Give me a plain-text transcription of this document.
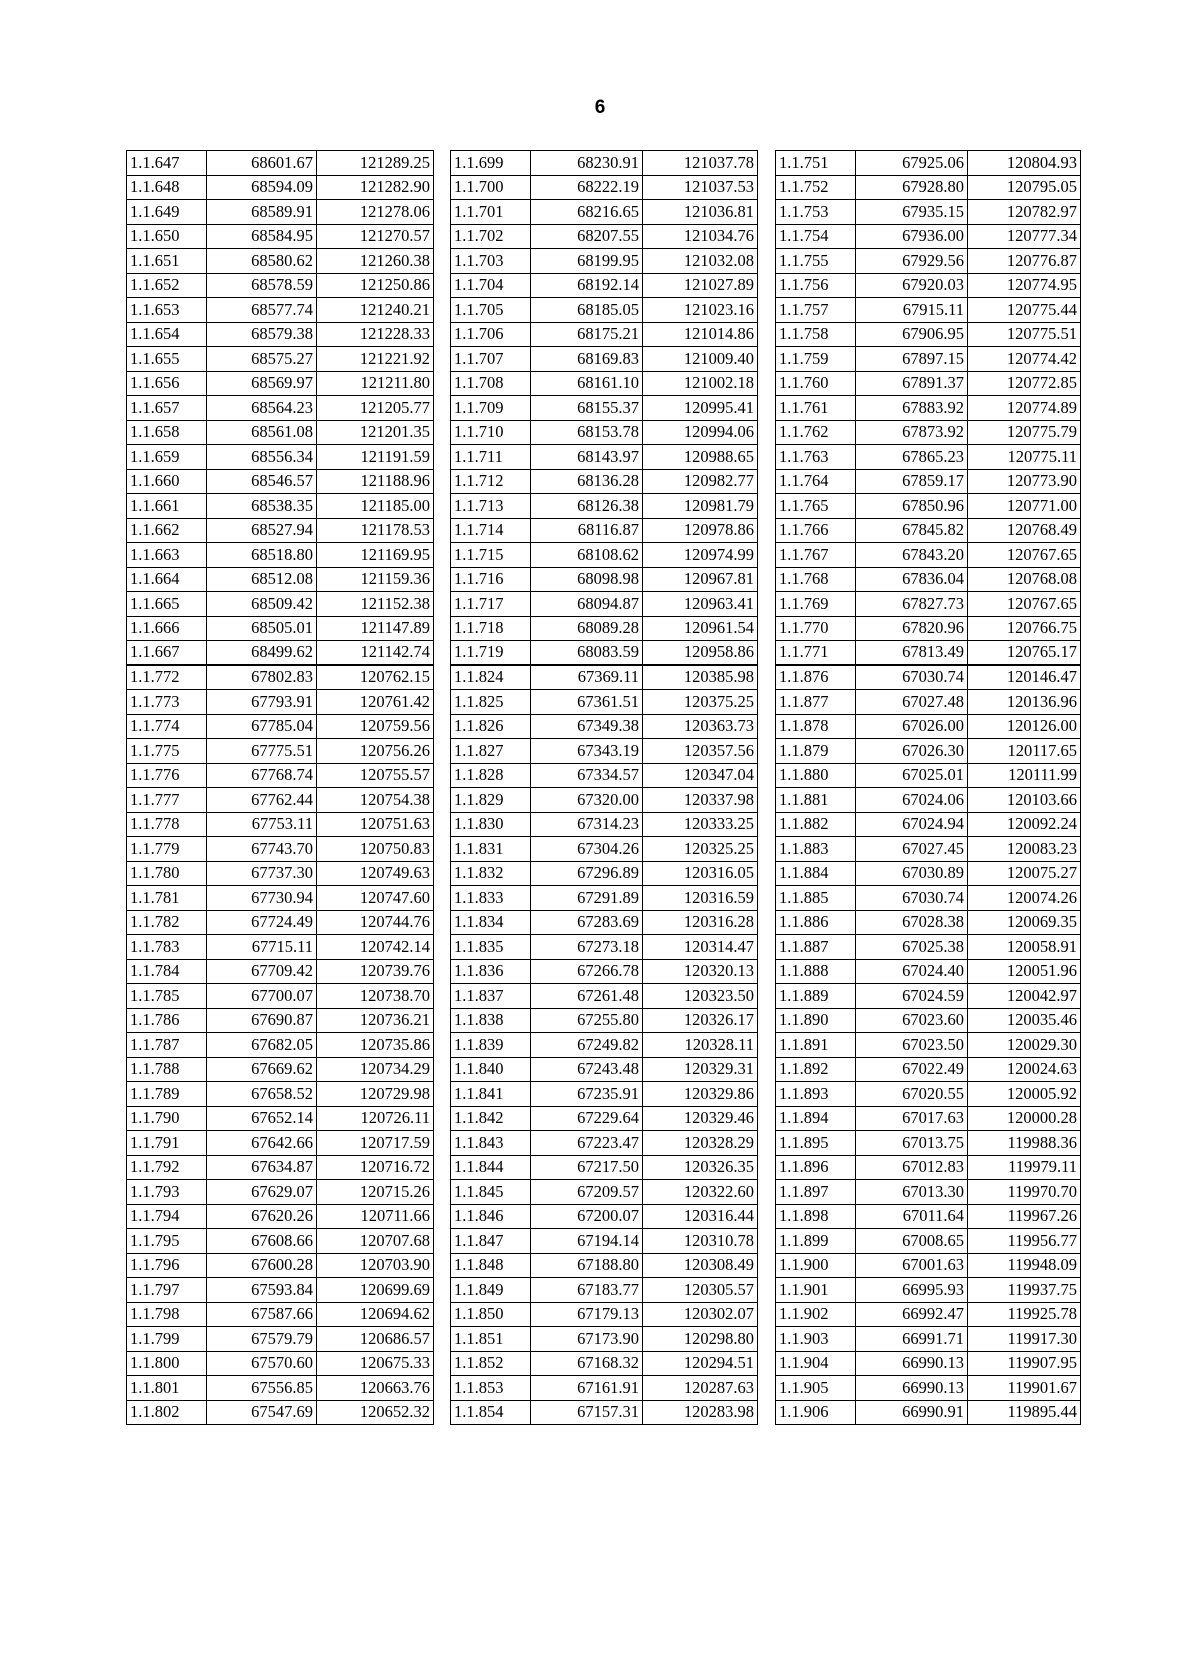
6
1.1.647	68601.67	121289.25
1.1.648	68594.09	121282.90
1.1.649	68589.91	121278.06
1.1.650	68584.95	121270.57
1.1.651	68580.62	121260.38
1.1.652	68578.59	121250.86
1.1.653	68577.74	121240.21
1.1.654	68579.38	121228.33
1.1.655	68575.27	121221.92
1.1.656	68569.97	121211.80
1.1.657	68564.23	121205.77
1.1.658	68561.08	121201.35
1.1.659	68556.34	121191.59
1.1.660	68546.57	121188.96
1.1.661	68538.35	121185.00
1.1.662	68527.94	121178.53
1.1.663	68518.80	121169.95
1.1.664	68512.08	121159.36
1.1.665	68509.42	121152.38
1.1.666	68505.01	121147.89
1.1.667	68499.62	121142.74
1.1.772	67802.83	120762.15
1.1.773	67793.91	120761.42
1.1.774	67785.04	120759.56
1.1.775	67775.51	120756.26
1.1.776	67768.74	120755.57
1.1.777	67762.44	120754.38
1.1.778	67753.11	120751.63
1.1.779	67743.70	120750.83
1.1.780	67737.30	120749.63
1.1.781	67730.94	120747.60
1.1.782	67724.49	120744.76
1.1.783	67715.11	120742.14
1.1.784	67709.42	120739.76
1.1.785	67700.07	120738.70
1.1.786	67690.87	120736.21
1.1.787	67682.05	120735.86
1.1.788	67669.62	120734.29
1.1.789	67658.52	120729.98
1.1.790	67652.14	120726.11
1.1.791	67642.66	120717.59
1.1.792	67634.87	120716.72
1.1.793	67629.07	120715.26
1.1.794	67620.26	120711.66
1.1.795	67608.66	120707.68
1.1.796	67600.28	120703.90
1.1.797	67593.84	120699.69
1.1.798	67587.66	120694.62
1.1.799	67579.79	120686.57
1.1.800	67570.60	120675.33
1.1.801	67556.85	120663.76
1.1.802	67547.69	120652.32
1.1.699	68230.91	121037.78
1.1.700	68222.19	121037.53
1.1.701	68216.65	121036.81
1.1.702	68207.55	121034.76
1.1.703	68199.95	121032.08
1.1.704	68192.14	121027.89
1.1.705	68185.05	121023.16
1.1.706	68175.21	121014.86
1.1.707	68169.83	121009.40
1.1.708	68161.10	121002.18
1.1.709	68155.37	120995.41
1.1.710	68153.78	120994.06
1.1.711	68143.97	120988.65
1.1.712	68136.28	120982.77
1.1.713	68126.38	120981.79
1.1.714	68116.87	120978.86
1.1.715	68108.62	120974.99
1.1.716	68098.98	120967.81
1.1.717	68094.87	120963.41
1.1.718	68089.28	120961.54
1.1.719	68083.59	120958.86
1.1.824	67369.11	120385.98
1.1.825	67361.51	120375.25
1.1.826	67349.38	120363.73
1.1.827	67343.19	120357.56
1.1.828	67334.57	120347.04
1.1.829	67320.00	120337.98
1.1.830	67314.23	120333.25
1.1.831	67304.26	120325.25
1.1.832	67296.89	120316.05
1.1.833	67291.89	120316.59
1.1.834	67283.69	120316.28
1.1.835	67273.18	120314.47
1.1.836	67266.78	120320.13
1.1.837	67261.48	120323.50
1.1.838	67255.80	120326.17
1.1.839	67249.82	120328.11
1.1.840	67243.48	120329.31
1.1.841	67235.91	120329.86
1.1.842	67229.64	120329.46
1.1.843	67223.47	120328.29
1.1.844	67217.50	120326.35
1.1.845	67209.57	120322.60
1.1.846	67200.07	120316.44
1.1.847	67194.14	120310.78
1.1.848	67188.80	120308.49
1.1.849	67183.77	120305.57
1.1.850	67179.13	120302.07
1.1.851	67173.90	120298.80
1.1.852	67168.32	120294.51
1.1.853	67161.91	120287.63
1.1.854	67157.31	120283.98
1.1.751	67925.06	120804.93
1.1.752	67928.80	120795.05
1.1.753	67935.15	120782.97
1.1.754	67936.00	120777.34
1.1.755	67929.56	120776.87
1.1.756	67920.03	120774.95
1.1.757	67915.11	120775.44
1.1.758	67906.95	120775.51
1.1.759	67897.15	120774.42
1.1.760	67891.37	120772.85
1.1.761	67883.92	120774.89
1.1.762	67873.92	120775.79
1.1.763	67865.23	120775.11
1.1.764	67859.17	120773.90
1.1.765	67850.96	120771.00
1.1.766	67845.82	120768.49
1.1.767	67843.20	120767.65
1.1.768	67836.04	120768.08
1.1.769	67827.73	120767.65
1.1.770	67820.96	120766.75
1.1.771	67813.49	120765.17
1.1.876	67030.74	120146.47
1.1.877	67027.48	120136.96
1.1.878	67026.00	120126.00
1.1.879	67026.30	120117.65
1.1.880	67025.01	120111.99
1.1.881	67024.06	120103.66
1.1.882	67024.94	120092.24
1.1.883	67027.45	120083.23
1.1.884	67030.89	120075.27
1.1.885	67030.74	120074.26
1.1.886	67028.38	120069.35
1.1.887	67025.38	120058.91
1.1.888	67024.40	120051.96
1.1.889	67024.59	120042.97
1.1.890	67023.60	120035.46
1.1.891	67023.50	120029.30
1.1.892	67022.49	120024.63
1.1.893	67020.55	120005.92
1.1.894	67017.63	120000.28
1.1.895	67013.75	119988.36
1.1.896	67012.83	119979.11
1.1.897	67013.30	119970.70
1.1.898	67011.64	119967.26
1.1.899	67008.65	119956.77
1.1.900	67001.63	119948.09
1.1.901	66995.93	119937.75
1.1.902	66992.47	119925.78
1.1.903	66991.71	119917.30
1.1.904	66990.13	119907.95
1.1.905	66990.13	119901.67
1.1.906	66990.91	119895.44
